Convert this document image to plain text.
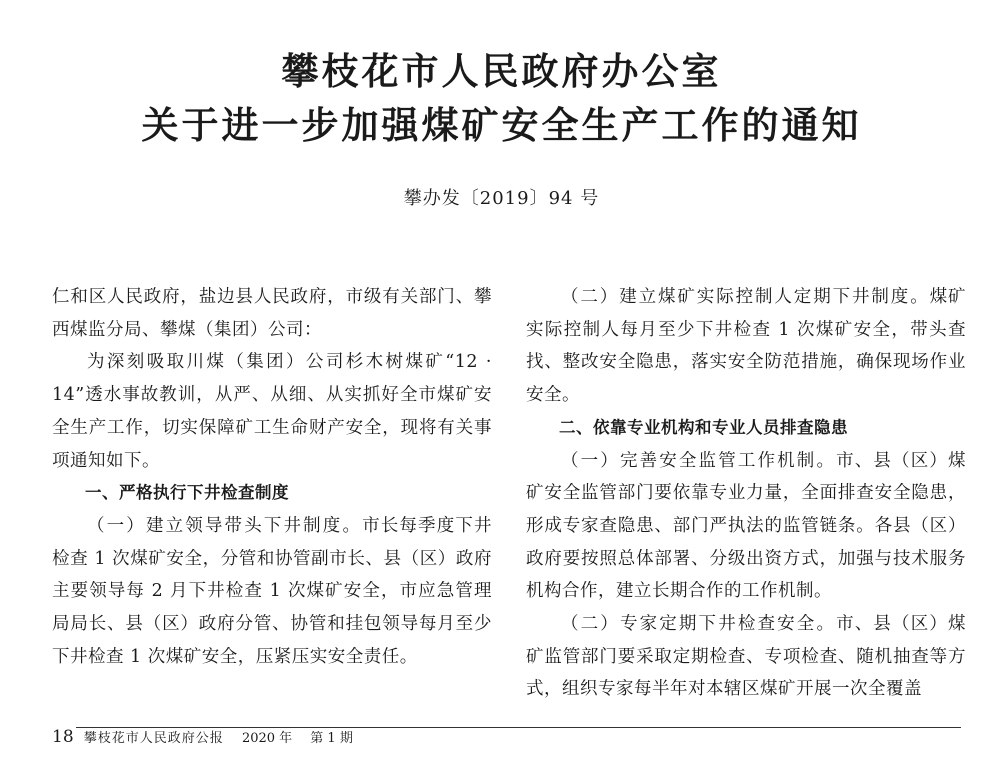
攀枝花市人民政府办公室
关于进一步加强煤矿安全生产工作的通知
攀办发〔2019〕94 号

仁和区人民政府，盐边县人民政府，市级有关部门、攀西煤监分局、攀煤（集团）公司：

为深刻吸取川煤（集团）公司杉木树煤矿“12 · 14”透水事故教训，从严、从细、从实抓好全市煤矿安全生产工作，切实保障矿工生命财产安全，现将有关事项通知如下。

一、严格执行下井检查制度

（一）建立领导带头下井制度。市长每季度下井检查 1 次煤矿安全，分管和协管副市长、县（区）政府主要领导每 2 月下井检查 1 次煤矿安全，市应急管理局局长、县（区）政府分管、协管和挂包领导每月至少下井检查 1 次煤矿安全，压紧压实安全责任。

（二）建立煤矿实际控制人定期下井制度。煤矿实际控制人每月至少下井检查 1 次煤矿安全，带头查找、整改安全隐患，落实安全防范措施，确保现场作业安全。

二、依靠专业机构和专业人员排查隐患

（一）完善安全监管工作机制。市、县（区）煤矿安全监管部门要依靠专业力量，全面排查安全隐患，形成专家查隐患、部门严执法的监管链条。各县（区）政府要按照总体部署、分级出资方式，加强与技术服务机构合作，建立长期合作的工作机制。

（二）专家定期下井检查安全。市、县（区）煤矿监管部门要采取定期检查、专项检查、随机抽查等方式，组织专家每半年对本辖区煤矿开展一次全覆盖

18 攀枝花市人民政府公报 2020 年 第 1 期
